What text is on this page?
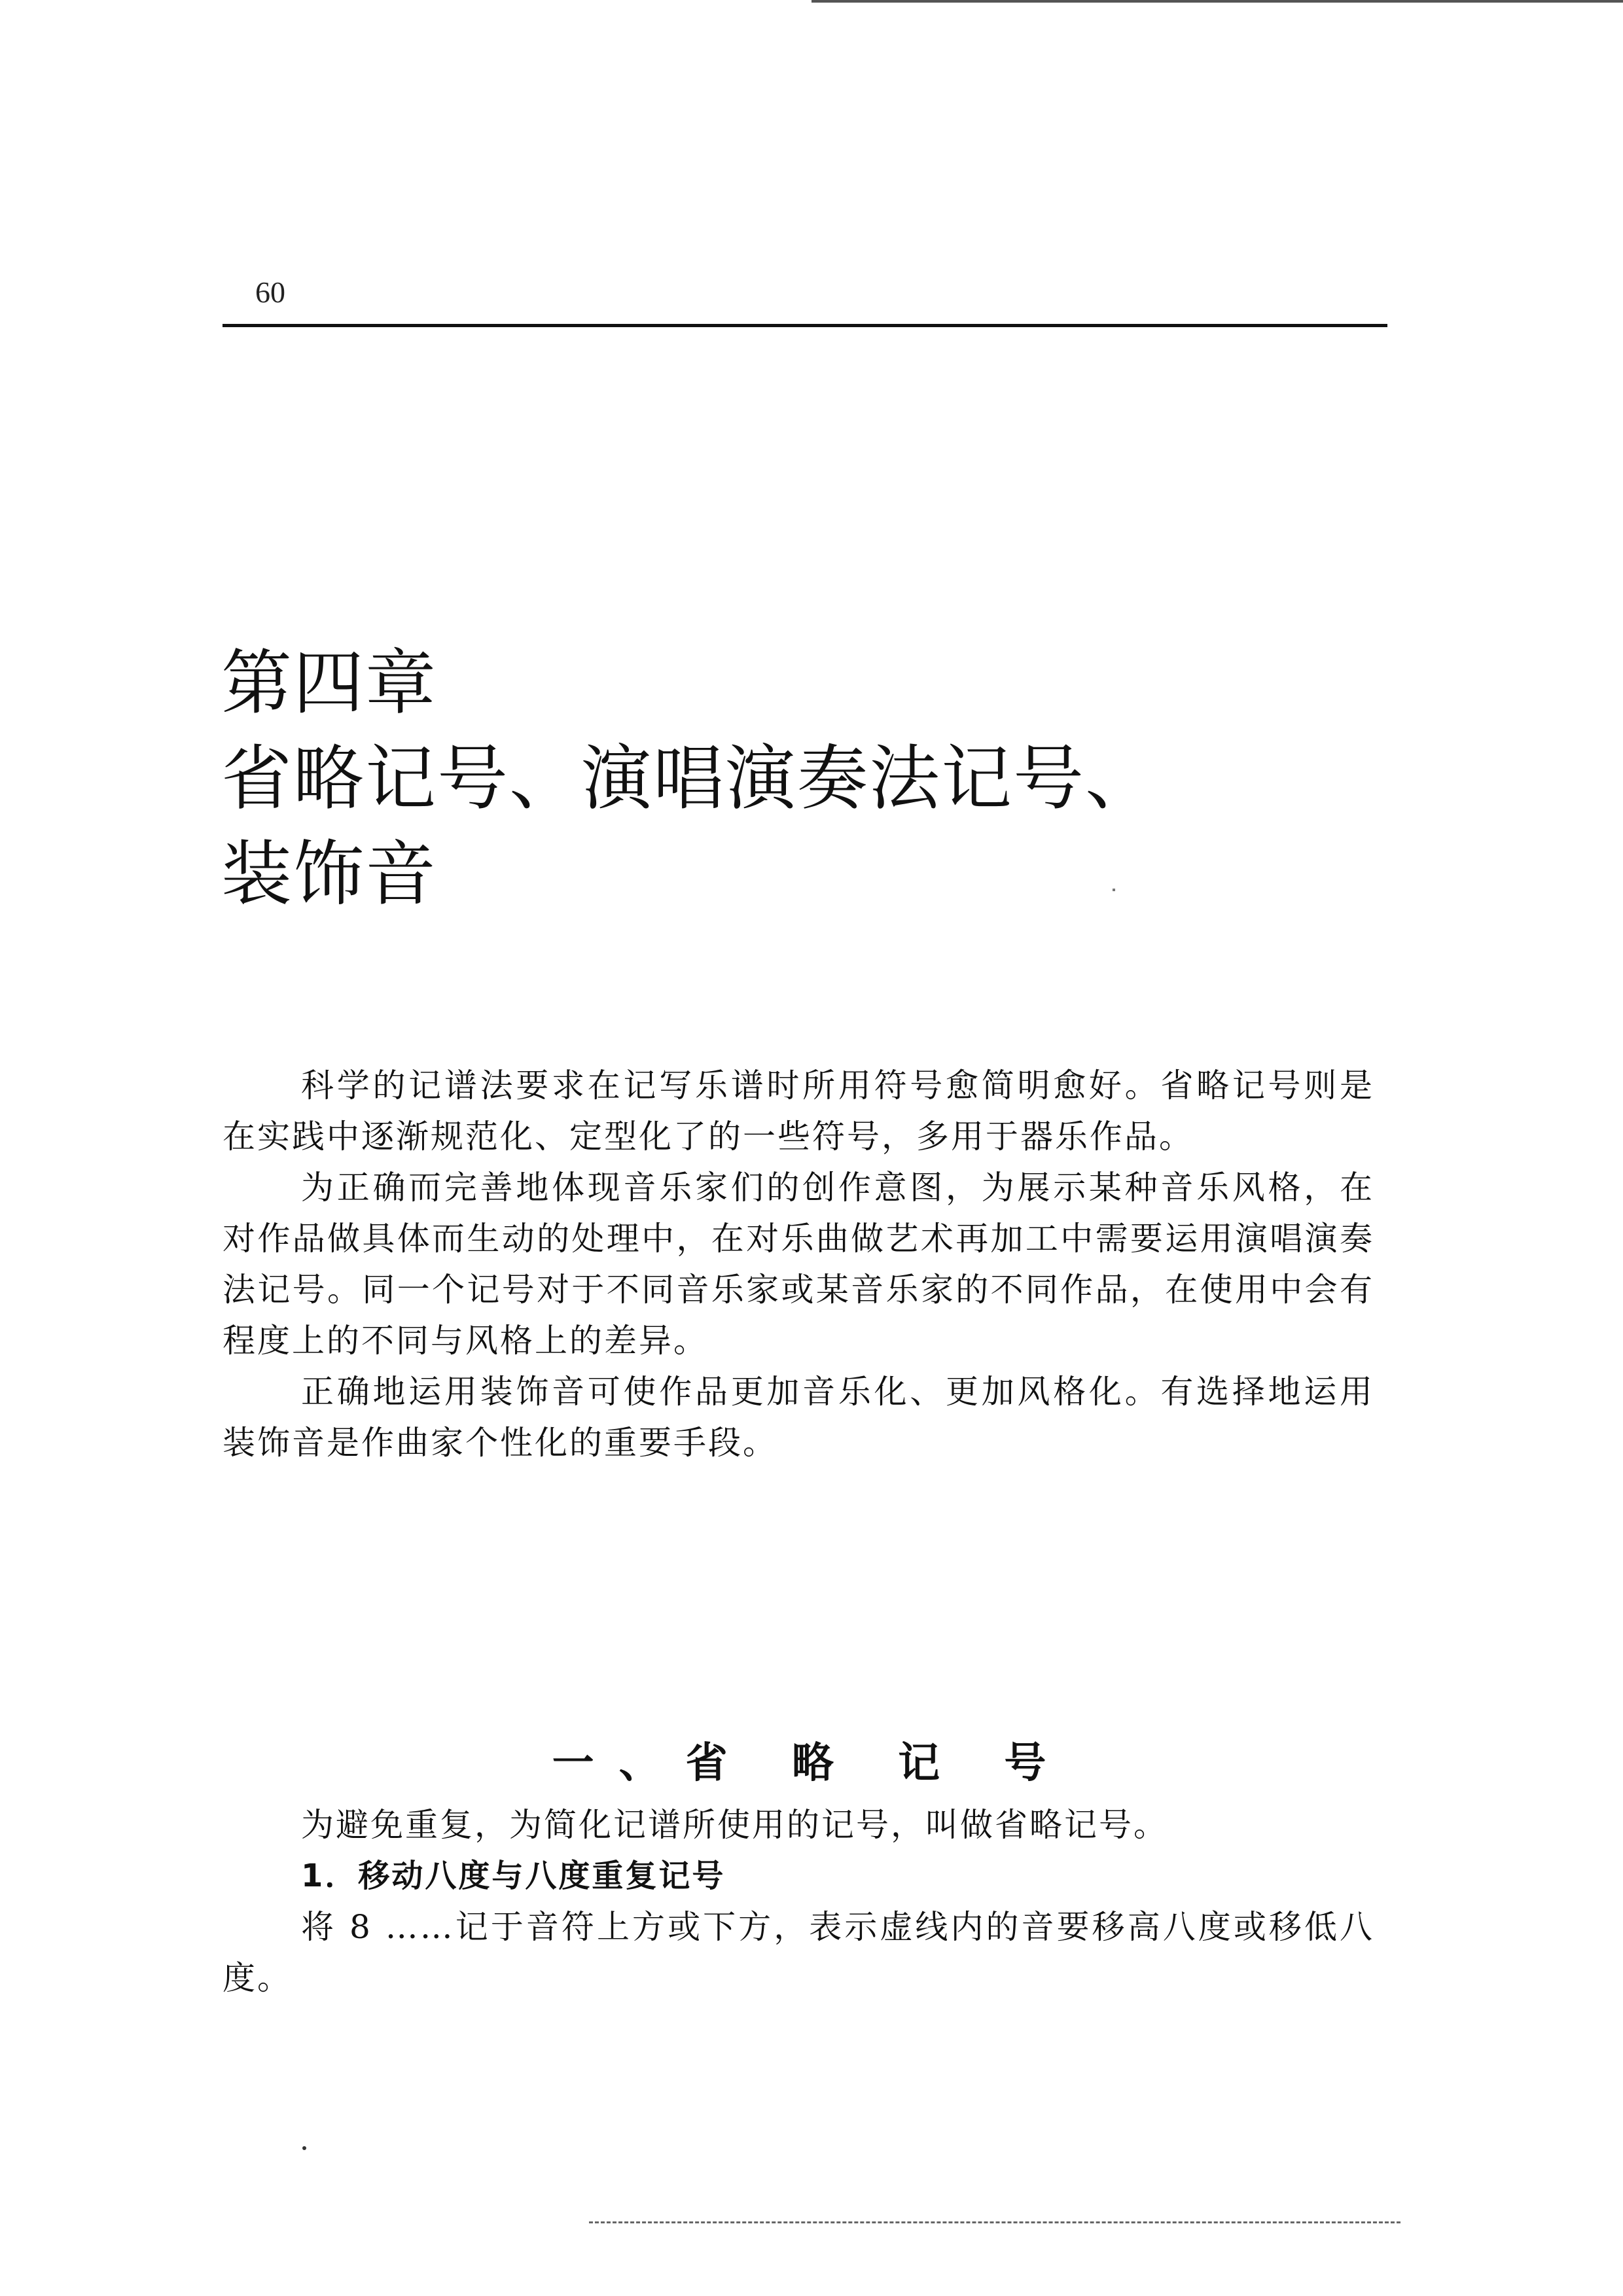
60
第四章
省略记号、演唱演奏法记号、
装饰音

科学的记谱法要求在记写乐谱时所用符号愈简明愈好。省略记号则是在实践中逐渐规范化、定型化了的一些符号，多用于器乐作品。

为正确而完善地体现音乐家们的创作意图，为展示某种音乐风格，在对作品做具体而生动的处理中，在对乐曲做艺术再加工中需要运用演唱演奏法记号。同一个记号对于不同音乐家或某音乐家的不同作品，在使用中会有程度上的不同与风格上的差异。

正确地运用装饰音可使作品更加音乐化、更加风格化。有选择地运用装饰音是作曲家个性化的重要手段。

一、省 略 记 号

为避免重复，为简化记谱所使用的记号，叫做省略记号。

1．移动八度与八度重复记号

将 8 ……记于音符上方或下方，表示虚线内的音要移高八度或移低八度。
